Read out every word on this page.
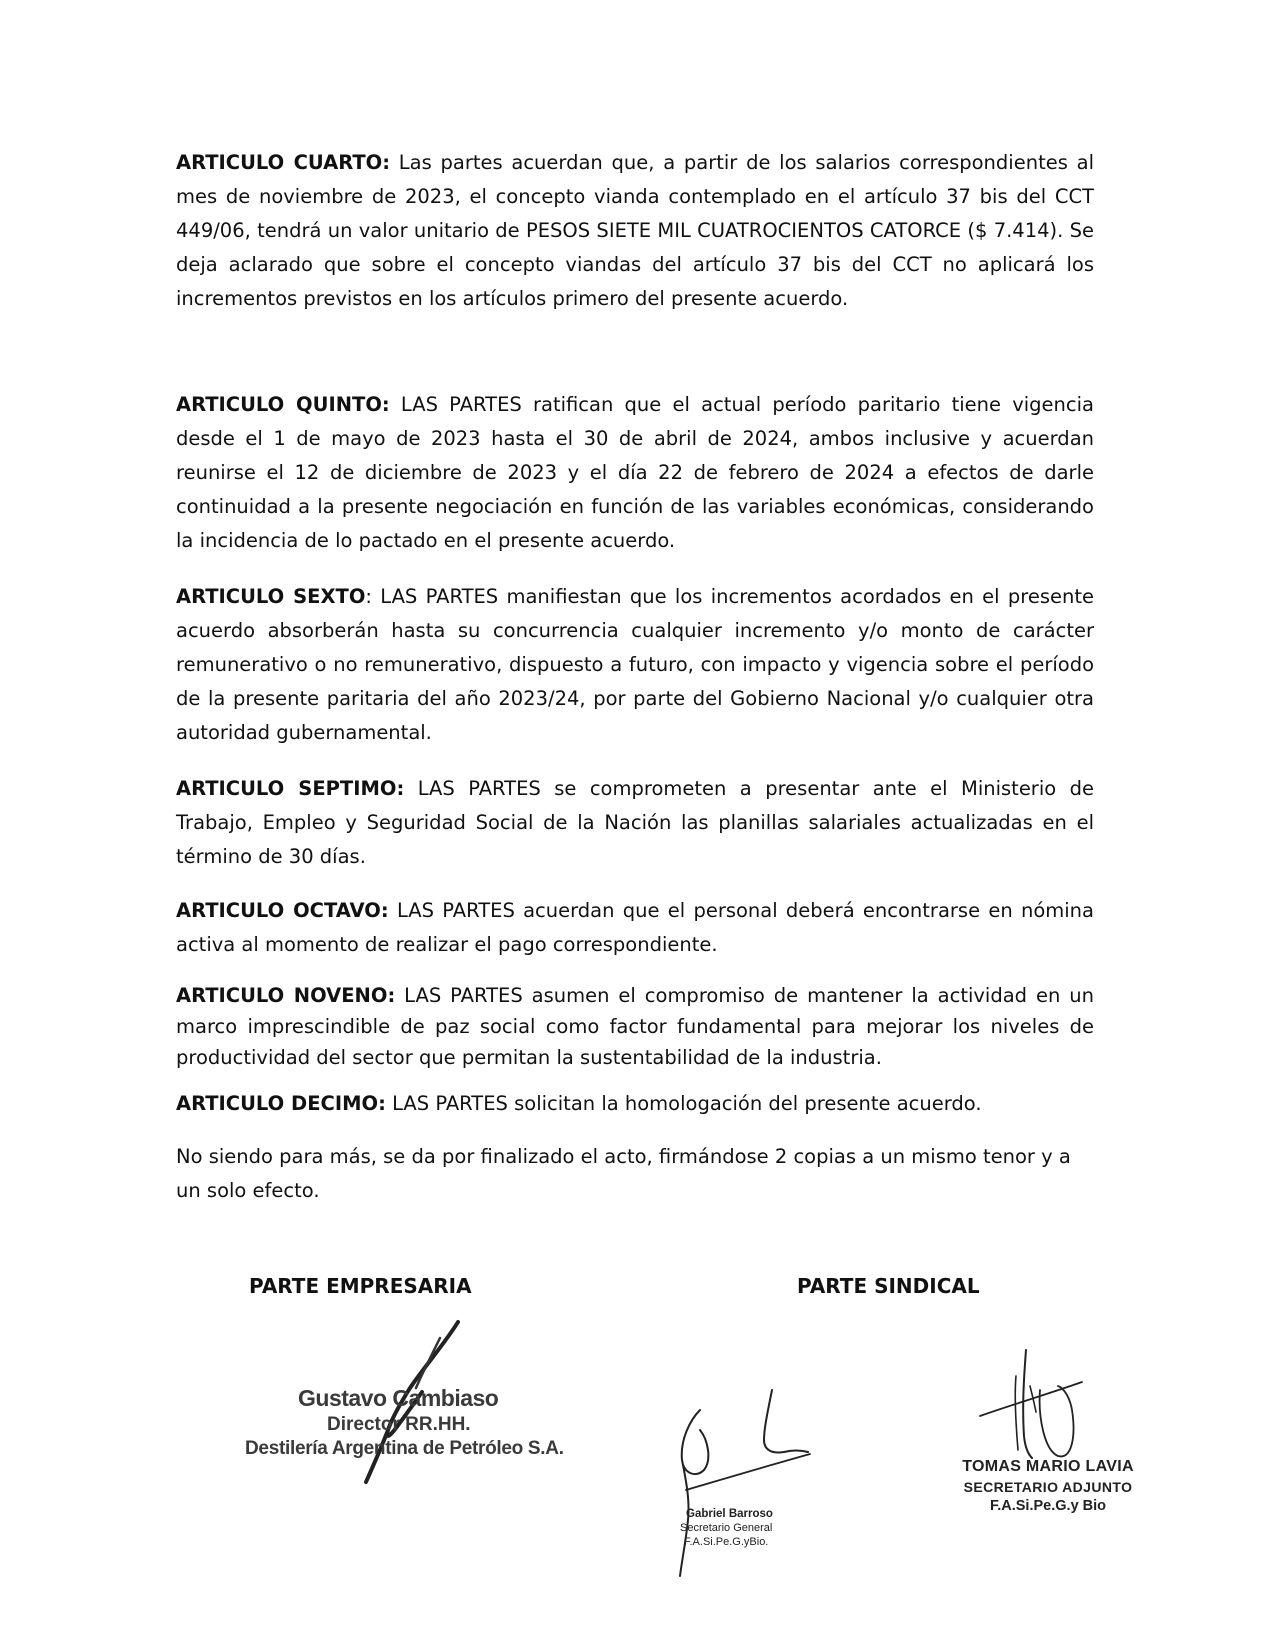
ARTICULO CUARTO: Las partes acuerdan que, a partir de los salarios correspondientes al mes de noviembre de 2023, el concepto vianda contemplado en el artículo 37 bis del CCT 449/06, tendrá un valor unitario de PESOS SIETE MIL CUATROCIENTOS CATORCE ($ 7.414). Se deja aclarado que sobre el concepto viandas del artículo 37 bis del CCT no aplicará los incrementos previstos en los artículos primero del presente acuerdo.

ARTICULO QUINTO: LAS PARTES ratifican que el actual período paritario tiene vigencia desde el 1 de mayo de 2023 hasta el 30 de abril de 2024, ambos inclusive y acuerdan reunirse el 12 de diciembre de 2023 y el día 22 de febrero de 2024 a efectos de darle continuidad a la presente negociación en función de las variables económicas, considerando la incidencia de lo pactado en el presente acuerdo.

ARTICULO SEXTO: LAS PARTES manifiestan que los incrementos acordados en el presente acuerdo absorberán hasta su concurrencia cualquier incremento y/o monto de carácter remunerativo o no remunerativo, dispuesto a futuro, con impacto y vigencia sobre el período de la presente paritaria del año 2023/24, por parte del Gobierno Nacional y/o cualquier otra autoridad gubernamental.

ARTICULO SEPTIMO: LAS PARTES se comprometen a presentar ante el Ministerio de Trabajo, Empleo y Seguridad Social de la Nación las planillas salariales actualizadas en el término de 30 días.

ARTICULO OCTAVO: LAS PARTES acuerdan que el personal deberá encontrarse en nómina activa al momento de realizar el pago correspondiente.

ARTICULO NOVENO: LAS PARTES asumen el compromiso de mantener la actividad en un marco imprescindible de paz social como factor fundamental para mejorar los niveles de productividad del sector que permitan la sustentabilidad de la industria.

ARTICULO DECIMO: LAS PARTES solicitan la homologación del presente acuerdo.

No siendo para más, se da por finalizado el acto, firmándose 2 copias a un mismo tenor y a un solo efecto.

PARTE EMPRESARIA	PARTE SINDICAL
Gustavo Cambiaso
Director RR.HH.
Destilería Argentina de Petróleo S.A.
Gabriel Barroso
Secretario General
F.A.Si.Pe.G.yBio.
TOMAS MARIO LAVIA
SECRETARIO ADJUNTO
F.A.Si.Pe.G.y Bio
